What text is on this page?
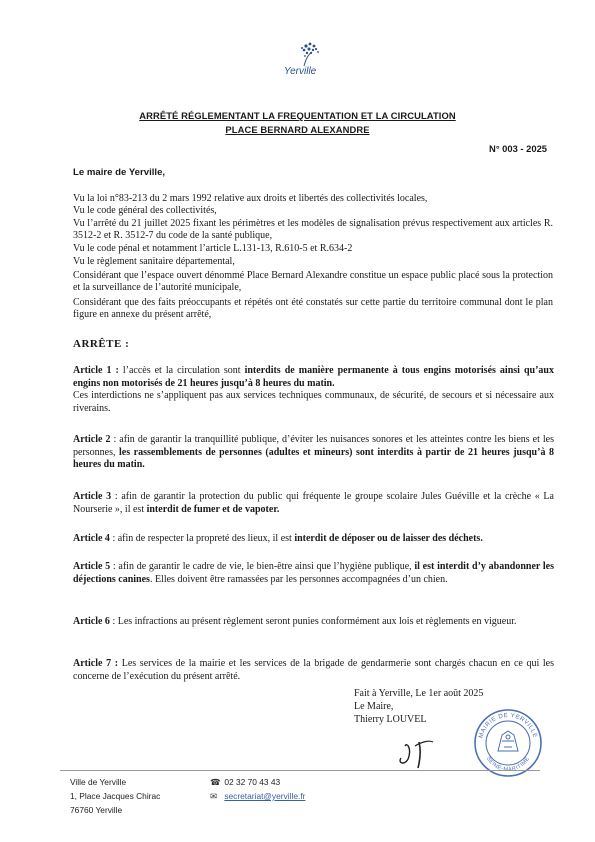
Yerville
ARRÊTÉ RÉGLEMENTANT LA FREQUENTATION ET LA CIRCULATION
PLACE BERNARD ALEXANDRE
N° 003 - 2025
Le maire de Yerville,
Vu la loi n°83-213 du 2 mars 1992 relative aux droits et libertés des collectivités locales,
Vu le code général des collectivités,
Vu l’arrêté du 21 juillet 2025 fixant les périmètres et les modèles de signalisation prévus respectivement aux articles R. 3512-2 et R. 3512-7 du code de la santé publique,
Vu le code pénal et notamment l’article L.131-13, R.610-5 et R.634-2
Vu le règlement sanitaire départemental,
Considérant que l’espace ouvert dénommé Place Bernard Alexandre constitue un espace public placé sous la protection et la surveillance de l’autorité municipale,
Considérant que des faits préoccupants et répétés ont été constatés sur cette partie du territoire communal dont le plan figure en annexe du présent arrêté,
ARRÊTE :
Article 1 : l’accès et la circulation sont interdits de manière permanente à tous engins motorisés ainsi qu’aux engins non motorisés de 21 heures jusqu’à 8 heures du matin.
Ces interdictions ne s’appliquent pas aux services techniques communaux, de sécurité, de secours et si nécessaire aux riverains.
Article 2 : afin de garantir la tranquillité publique, d’éviter les nuisances sonores et les atteintes contre les biens et les personnes, les rassemblements de personnes (adultes et mineurs) sont interdits à partir de 21 heures jusqu’à 8 heures du matin.
Article 3 : afin de garantir la protection du public qui fréquente le groupe scolaire Jules Guéville et la crèche « La Nourserie », il est interdit de fumer et de vapoter.
Article 4 : afin de respecter la propreté des lieux, il est interdit de déposer ou de laisser des déchets.
Article 5 : afin de garantir le cadre de vie, le bien-être ainsi que l’hygiène publique, il est interdit d’y abandonner les déjections canines. Elles doivent être ramassées par les personnes accompagnées d’un chien.
Article 6 : Les infractions au présent règlement seront punies conformément aux lois et règlements en vigueur.
Article 7 : Les services de la mairie et les services de la brigade de gendarmerie sont chargés chacun en ce qui les concerne de l’exécution du présent arrêté.
Fait à Yerville, Le 1er août 2025
Le Maire,
Thierry LOUVEL
MAIRIE DE YERVILLE
SEINE-MARITIME
Ville de Yerville
1, Place Jacques Chirac
76760 Yerville
☎ 02 32 70 43 43
✉ secretariat@yerville.fr
